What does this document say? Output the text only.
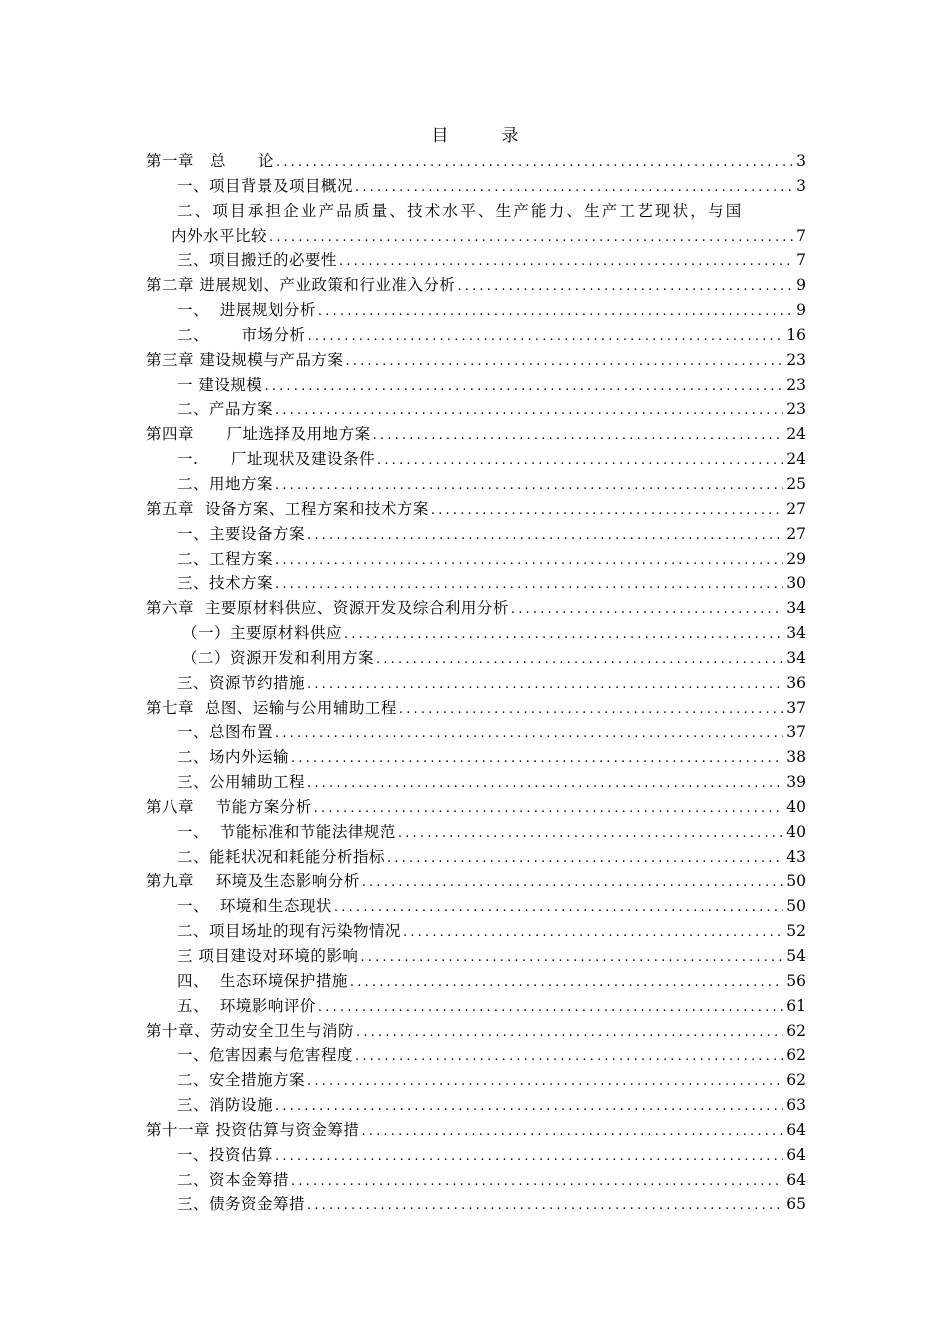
目　录
第一章　总　　论 .....	3
一、项目背景及项目概况 .....	3
二、项目承担企业产品质量、技术水平、生产能力、生产工艺现状，与国
内外水平比较 .....	7
三、项目搬迁的必要性 .....	7
第二章 进展规划、产业政策和行业准入分析 .....	9
一、  进展规划分析 .....	9
二、      市场分析 .....	16
第三章 建设规模与产品方案 .....	23
一 建设规模 .....	23
二、产品方案 .....	23
第四章      厂址选择及用地方案 .....	24
一.      厂址现状及建设条件 .....	24
二、用地方案 .....	25
第五章  设备方案、工程方案和技术方案 .....	27
一、主要设备方案 .....	27
二、工程方案 .....	29
三、技术方案 .....	30
第六章  主要原材料供应、资源开发及综合利用分析 .....	34
（一）主要原材料供应 .....	34
（二）资源开发和利用方案 .....	34
三、资源节约措施 .....	36
第七章  总图、运输与公用辅助工程 .....	37
一、总图布置 .....	37
二、场内外运输 .....	38
三、公用辅助工程 .....	39
第八章    节能方案分析 .....	40
一、  节能标准和节能法律规范 .....	40
二、能耗状况和耗能分析指标 .....	43
第九章    环境及生态影响分析 .....	50
一、  环境和生态现状 .....	50
二、项目场址的现有污染物情况 .....	52
三 项目建设对环境的影响 .....	54
四、  生态环境保护措施 .....	56
五、  环境影响评价 .....	61
第十章、劳动安全卫生与消防 .....	62
一、危害因素与危害程度 .....	62
二、安全措施方案 .....	62
三、消防设施 .....	63
第十一章 投资估算与资金筹措 .....	64
一、投资估算 .....	64
二、资本金筹措 .....	64
三、债务资金筹措 .....	65
